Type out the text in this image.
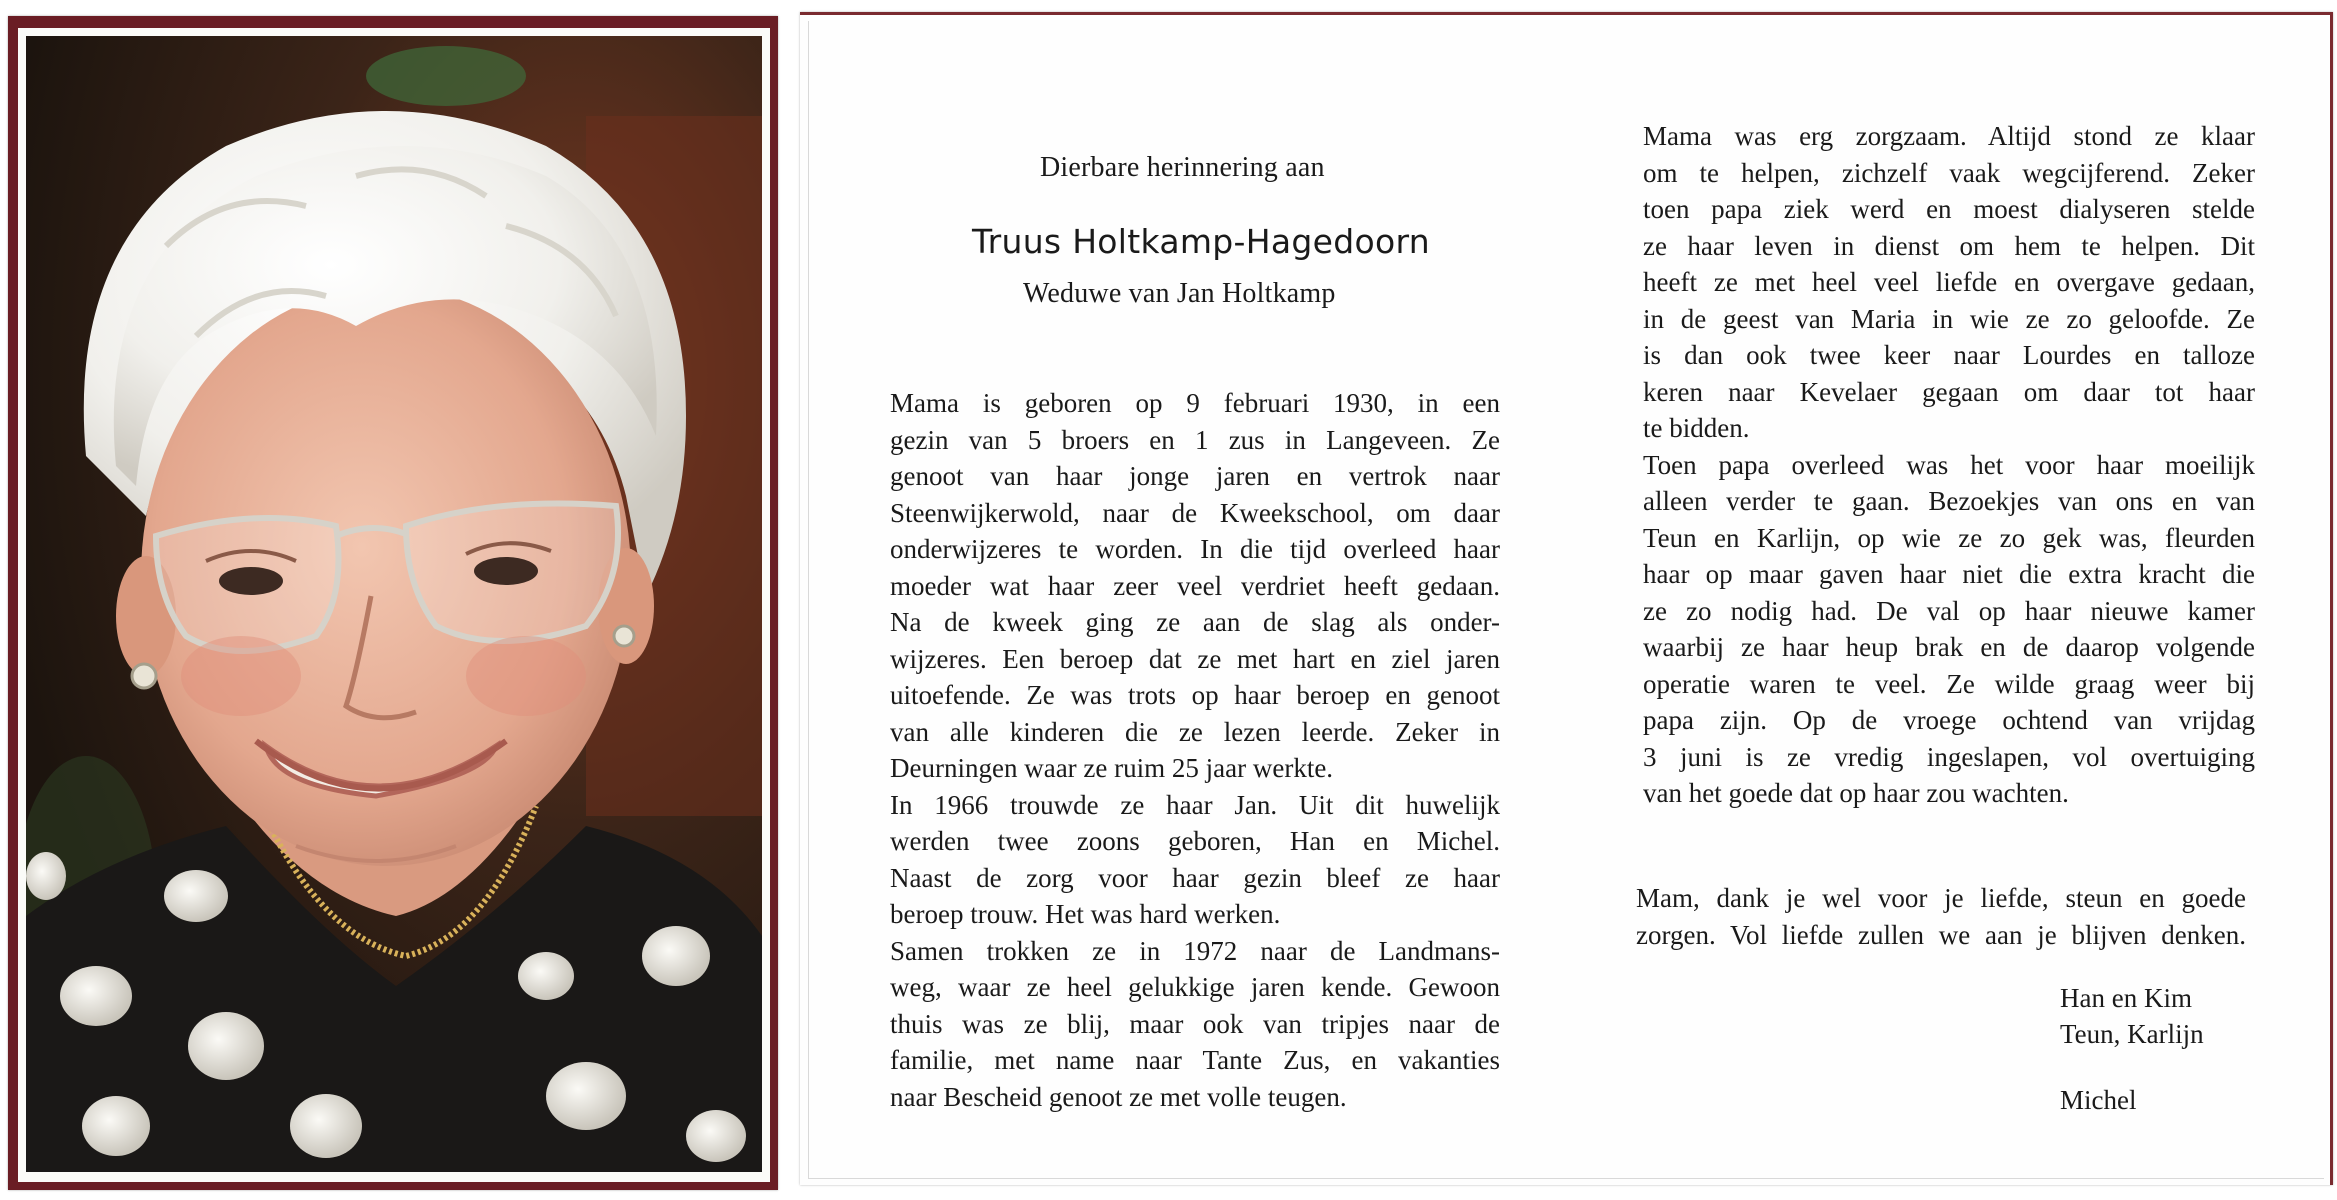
Dierbare herinnering aan
Truus Holtkamp-Hagedoorn
Weduwe van Jan Holtkamp

Mama is geboren op 9 februari 1930, in een
gezin van 5 broers en 1 zus in Langeveen. Ze
genoot van haar jonge jaren en vertrok naar
Steenwijkerwold, naar de Kweekschool, om daar
onderwijzeres te worden. In die tijd overleed haar
moeder wat haar zeer veel verdriet heeft gedaan.
Na de kweek ging ze aan de slag als onder-
wijzeres. Een beroep dat ze met hart en ziel jaren
uitoefende. Ze was trots op haar beroep en genoot
van alle kinderen die ze lezen leerde. Zeker in
Deurningen waar ze ruim 25 jaar werkte.
In 1966 trouwde ze haar Jan. Uit dit huwelijk
werden twee zoons geboren, Han en Michel.
Naast de zorg voor haar gezin bleef ze haar
beroep trouw. Het was hard werken.
Samen trokken ze in 1972 naar de Landmans-
weg, waar ze heel gelukkige jaren kende. Gewoon
thuis was ze blij, maar ook van tripjes naar de
familie, met name naar Tante Zus, en vakanties
naar Bescheid genoot ze met volle teugen.

Mama was erg zorgzaam. Altijd stond ze klaar
om te helpen, zichzelf vaak wegcijferend. Zeker
toen papa ziek werd en moest dialyseren stelde
ze haar leven in dienst om hem te helpen. Dit
heeft ze met heel veel liefde en overgave gedaan,
in de geest van Maria in wie ze zo geloofde. Ze
is dan ook twee keer naar Lourdes en talloze
keren naar Kevelaer gegaan om daar tot haar
te bidden.
Toen papa overleed was het voor haar moeilijk
alleen verder te gaan. Bezoekjes van ons en van
Teun en Karlijn, op wie ze zo gek was, fleurden
haar op maar gaven haar niet die extra kracht die
ze zo nodig had. De val op haar nieuwe kamer
waarbij ze haar heup brak en de daarop volgende
operatie waren te veel. Ze wilde graag weer bij
papa zijn. Op de vroege ochtend van vrijdag
3 juni is ze vredig ingeslapen, vol overtuiging
van het goede dat op haar zou wachten.

Mam, dank je wel voor je liefde, steun en goede
zorgen. Vol liefde zullen we aan je blijven denken.

Han en Kim
Teun, Karlijn
Michel
